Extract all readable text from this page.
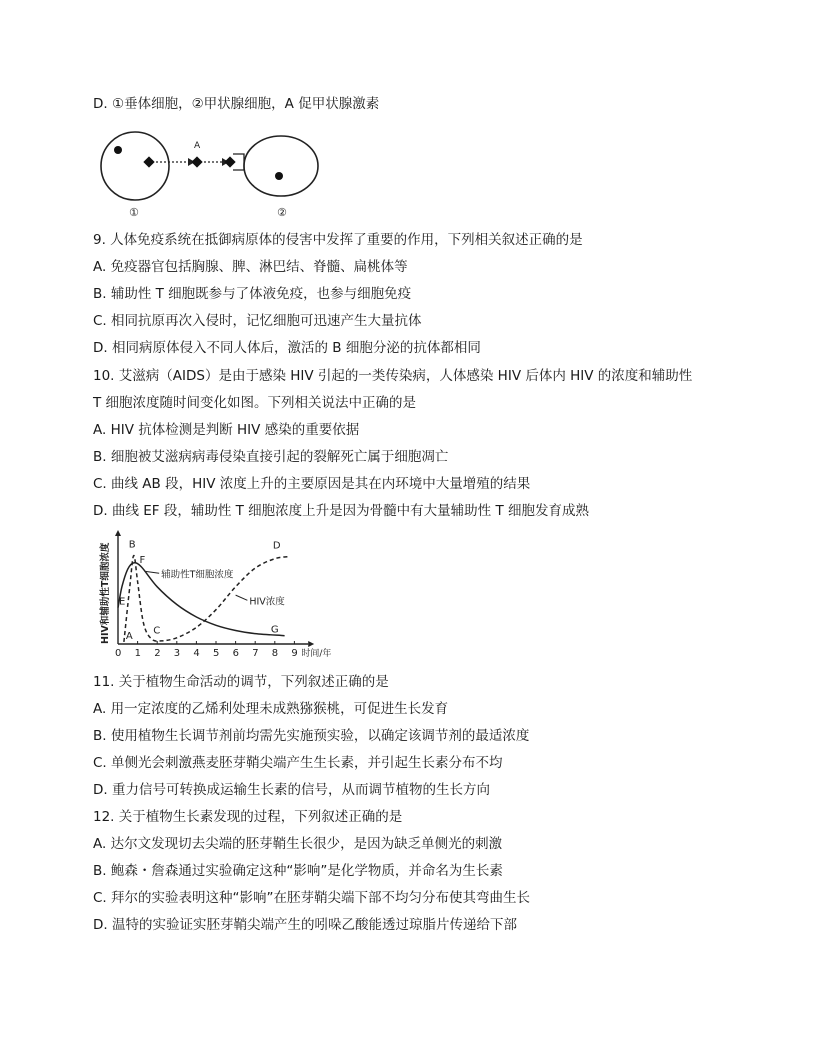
D. ①垂体细胞，②甲状腺细胞，A 促甲状腺激素
A
①	②
9. 人体免疫系统在抵御病原体的侵害中发挥了重要的作用，下列相关叙述正确的是
A. 免疫器官包括胸腺、脾、淋巴结、脊髓、扁桃体等
B. 辅助性 T 细胞既参与了体液免疫，也参与细胞免疫
C. 相同抗原再次入侵时，记忆细胞可迅速产生大量抗体
D. 相同病原体侵入不同人体后，激活的 B 细胞分泌的抗体都相同
10. 艾滋病（AIDS）是由于感染 HIV 引起的一类传染病，人体感染 HIV 后体内 HIV 的浓度和辅助性
T 细胞浓度随时间变化如图。下列相关说法中正确的是
A. HIV 抗体检测是判断 HIV 感染的重要依据
B. 细胞被艾滋病病毒侵染直接引起的裂解死亡属于细胞凋亡
C. 曲线 AB 段，HIV 浓度上升的主要原因是其在内环境中大量增殖的结果
D. 曲线 EF 段，辅助性 T 细胞浓度上升是因为骨髓中有大量辅助性 T 细胞发育成熟
0 1 2 3 4 5 6 7 8 9 时间/年
HIV和辅助性T细胞浓度 A
B
C
D
E
F
G
辅助性T细胞浓度
HIV浓度
11. 关于植物生命活动的调节，下列叙述正确的是
A. 用一定浓度的乙烯利处理未成熟猕猴桃，可促进生长发育
B. 使用植物生长调节剂前均需先实施预实验，以确定该调节剂的最适浓度
C. 单侧光会刺激燕麦胚芽鞘尖端产生生长素，并引起生长素分布不均
D. 重力信号可转换成运输生长素的信号，从而调节植物的生长方向
12. 关于植物生长素发现的过程，下列叙述正确的是
A. 达尔文发现切去尖端的胚芽鞘生长很少，是因为缺乏单侧光的刺激
B. 鲍森・詹森通过实验确定这种“影响”是化学物质，并命名为生长素
C. 拜尔的实验表明这种“影响”在胚芽鞘尖端下部不均匀分布使其弯曲生长
D. 温特的实验证实胚芽鞘尖端产生的吲哚乙酸能透过琼脂片传递给下部
